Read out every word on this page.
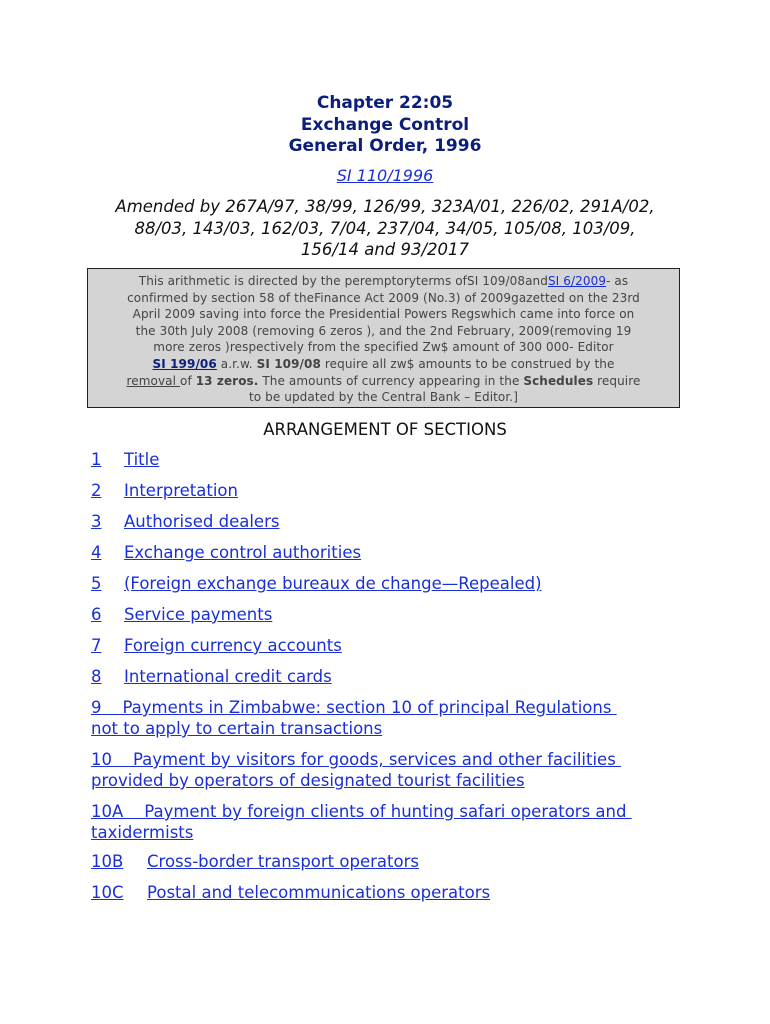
Chapter 22:05
Exchange Control
General Order, 1996
SI 110/1996
Amended by 267A/97, 38/99, 126/99, 323A/01, 226/02, 291A/02,
88/03, 143/03, 162/03, 7/04, 237/04, 34/05, 105/08, 103/09,
156/14 and 93/2017
This arithmetic is directed by the peremptoryterms ofSI 109/08andSI 6/2009- as
confirmed by section 58 of theFinance Act 2009 (No.3) of 2009gazetted on the 23rd
April 2009 saving into force the Presidential Powers Regswhich came into force on
the 30th July 2008 (removing 6 zeros ), and the 2nd February, 2009(removing 19
more zeros )respectively from the specified Zw$ amount of 300 000- Editor
SI 199/06 a.r.w. SI 109/08 require all zw$ amounts to be construed by the
removal of 13 zeros. The amounts of currency appearing in the Schedules require
to be updated by the Central Bank – Editor.]
ARRANGEMENT OF SECTIONS
1 Title
2 Interpretation
3 Authorised dealers
4 Exchange control authorities
5 (Foreign exchange bureaux de change—Repealed)
6 Service payments
7 Foreign currency accounts
8 International credit cards
9    Payments in Zimbabwe: section 10 of principal Regulations
not to apply to certain transactions
10    Payment by visitors for goods, services and other facilities
provided by operators of designated tourist facilities
10A    Payment by foreign clients of hunting safari operators and
taxidermists
10B Cross-border transport operators
10C Postal and telecommunications operators
